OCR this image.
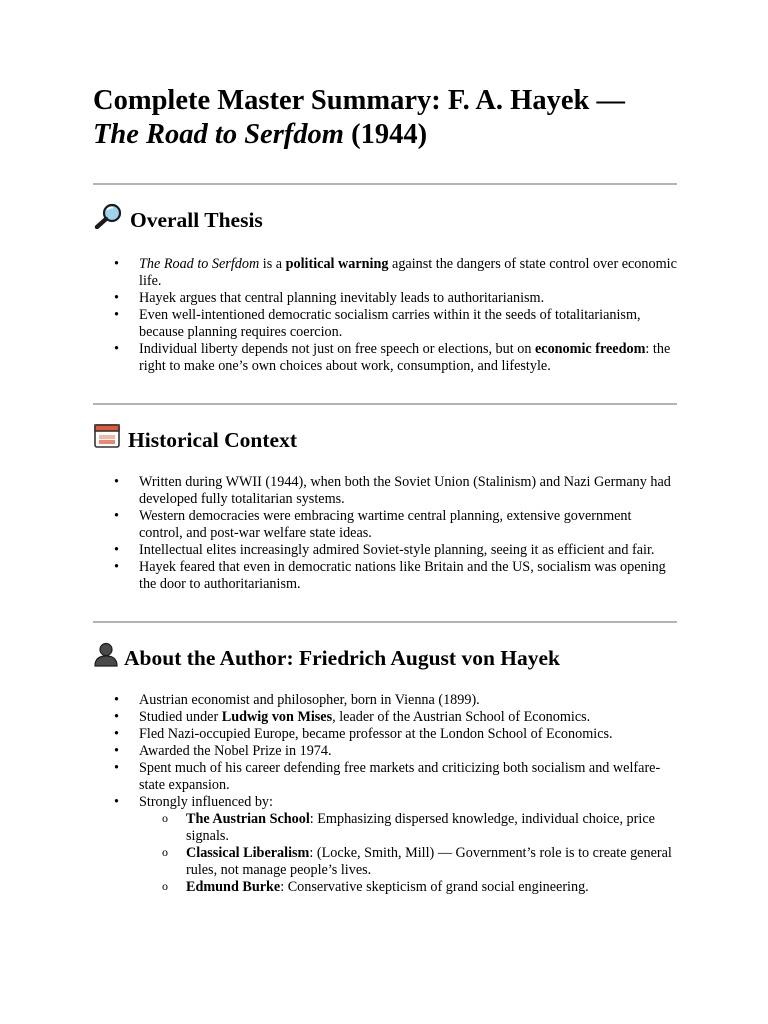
Complete Master Summary: F. A. Hayek —
The Road to Serfdom (1944)
Overall Thesis
• The Road to Serfdom is a political warning against the dangers of state control over economic life.
• Hayek argues that central planning inevitably leads to authoritarianism.
• Even well-intentioned democratic socialism carries within it the seeds of totalitarianism, because planning requires coercion.
• Individual liberty depends not just on free speech or elections, but on economic freedom: the right to make one’s own choices about work, consumption, and lifestyle.
Historical Context
• Written during WWII (1944), when both the Soviet Union (Stalinism) and Nazi Germany had developed fully totalitarian systems.
• Western democracies were embracing wartime central planning, extensive government control, and post-war welfare state ideas.
• Intellectual elites increasingly admired Soviet-style planning, seeing it as efficient and fair.
• Hayek feared that even in democratic nations like Britain and the US, socialism was opening the door to authoritarianism.
About the Author: Friedrich August von Hayek
• Austrian economist and philosopher, born in Vienna (1899).
• Studied under Ludwig von Mises, leader of the Austrian School of Economics.
• Fled Nazi-occupied Europe, became professor at the London School of Economics.
• Awarded the Nobel Prize in 1974.
• Spent much of his career defending free markets and criticizing both socialism and welfare-state expansion.
• Strongly influenced by:
o The Austrian School: Emphasizing dispersed knowledge, individual choice, price signals.
o Classical Liberalism: (Locke, Smith, Mill) — Government’s role is to create general rules, not manage people’s lives.
o Edmund Burke: Conservative skepticism of grand social engineering.
